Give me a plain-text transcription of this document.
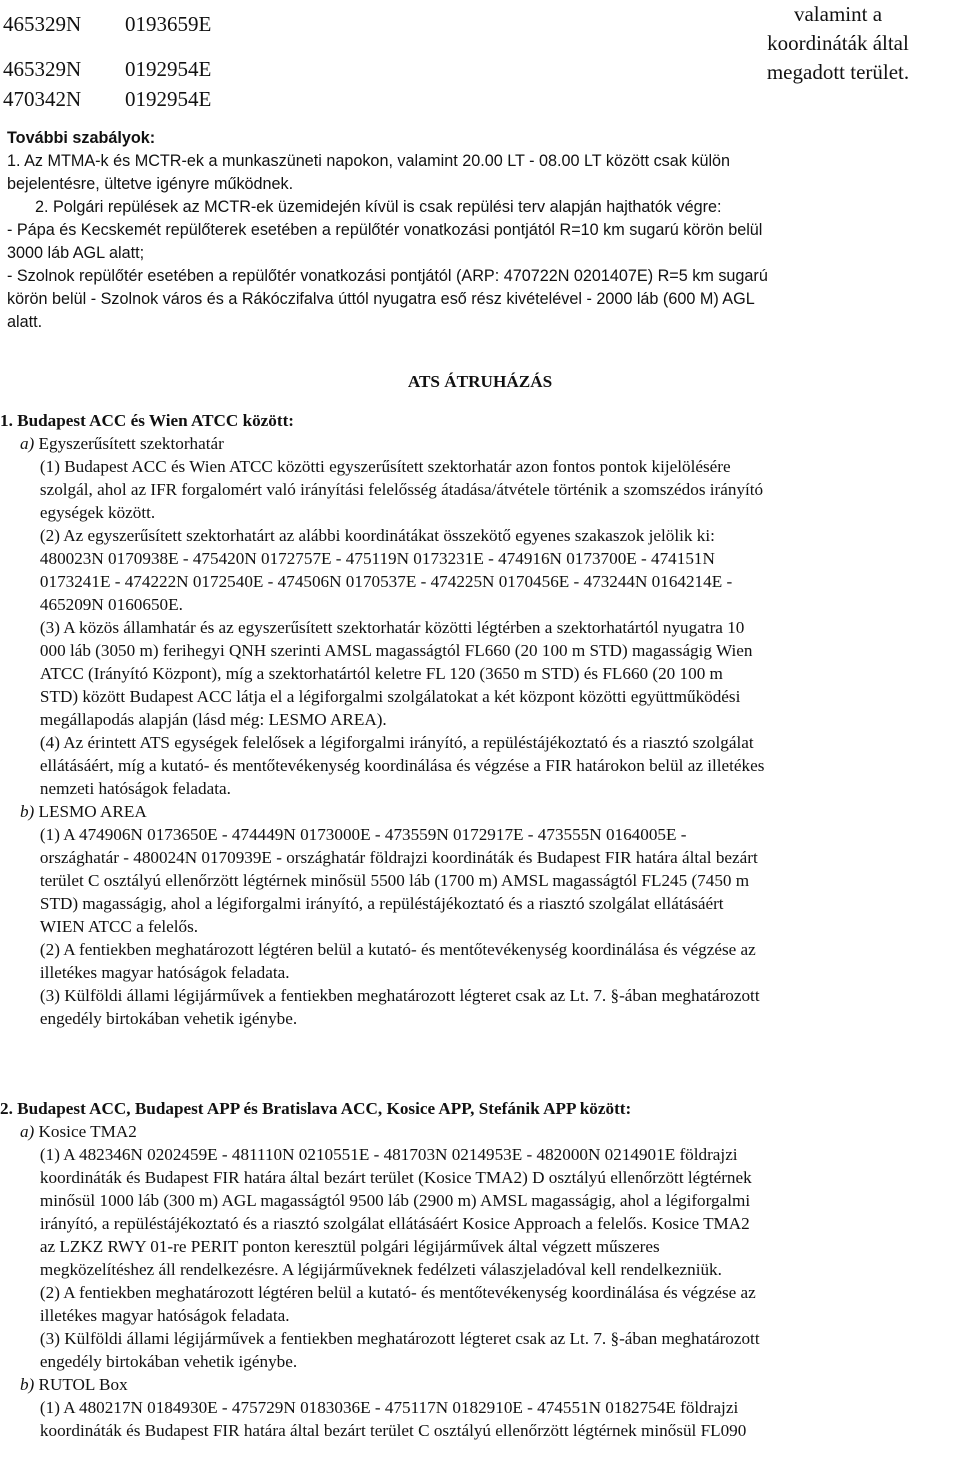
465329N 0193659E
465329N 0192954E
470342N 0192954E
valamint a
koordináták által
megadott terület.
További szabályok:
1. Az MTMA-k és MCTR-ek a munkaszüneti napokon, valamint 20.00 LT - 08.00 LT között csak külön
bejelentésre, ültetve igényre működnek.
2. Polgári repülések az MCTR-ek üzemidején kívül is csak repülési terv alapján hajthatók végre:
- Pápa és Kecskemét repülőterek esetében a repülőtér vonatkozási pontjától R=10 km sugarú körön belül
3000 láb AGL alatt;
- Szolnok repülőtér esetében a repülőtér vonatkozási pontjától (ARP: 470722N 0201407E) R=5 km sugarú
körön belül - Szolnok város és a Rákóczifalva úttól nyugatra eső rész kivételével - 2000 láb (600 M) AGL
alatt.
ATS ÁTRUHÁZÁS
1. Budapest ACC és Wien ATCC között:
a) Egyszerűsített szektorhatár
(1) Budapest ACC és Wien ATCC közötti egyszerűsített szektorhatár azon fontos pontok kijelölésére
szolgál, ahol az IFR forgalomért való irányítási felelősség átadása/átvétele történik a szomszédos irányító
egységek között.
(2) Az egyszerűsített szektorhatárt az alábbi koordinátákat összekötő egyenes szakaszok jelölik ki:
480023N 0170938E - 475420N 0172757E - 475119N 0173231E - 474916N 0173700E - 474151N
0173241E - 474222N 0172540E - 474506N 0170537E - 474225N 0170456E - 473244N 0164214E -
465209N 0160650E.
(3) A közös államhatár és az egyszerűsített szektorhatár közötti légtérben a szektorhatártól nyugatra 10
000 láb (3050 m) ferihegyi QNH szerinti AMSL magasságtól FL660 (20 100 m STD) magasságig Wien
ATCC (Irányító Központ), míg a szektorhatártól keletre FL 120 (3650 m STD) és FL660 (20 100 m
STD) között Budapest ACC látja el a légiforgalmi szolgálatokat a két központ közötti együttműködési
megállapodás alapján (lásd még: LESMO AREA).
(4) Az érintett ATS egységek felelősek a légiforgalmi irányító, a repüléstájékoztató és a riasztó szolgálat
ellátásáért, míg a kutató- és mentőtevékenység koordinálása és végzése a FIR határokon belül az illetékes
nemzeti hatóságok feladata.
b) LESMO AREA
(1) A 474906N 0173650E - 474449N 0173000E - 473559N 0172917E - 473555N 0164005E -
országhatár - 480024N 0170939E - országhatár földrajzi koordináták és Budapest FIR határa által bezárt
terület C osztályú ellenőrzött légtérnek minősül 5500 láb (1700 m) AMSL magasságtól FL245 (7450 m
STD) magasságig, ahol a légiforgalmi irányító, a repüléstájékoztató és a riasztó szolgálat ellátásáért
WIEN ATCC a felelős.
(2) A fentiekben meghatározott légtéren belül a kutató- és mentőtevékenység koordinálása és végzése az
illetékes magyar hatóságok feladata.
(3) Külföldi állami légijárművek a fentiekben meghatározott légteret csak az Lt. 7. §-ában meghatározott
engedély birtokában vehetik igénybe.
2. Budapest ACC, Budapest APP és Bratislava ACC, Kosice APP, Stefánik APP között:
a) Kosice TMA2
(1) A 482346N 0202459E - 481110N 0210551E - 481703N 0214953E - 482000N 0214901E földrajzi
koordináták és Budapest FIR határa által bezárt terület (Kosice TMA2) D osztályú ellenőrzött légtérnek
minősül 1000 láb (300 m) AGL magasságtól 9500 láb (2900 m) AMSL magasságig, ahol a légiforgalmi
irányító, a repüléstájékoztató és a riasztó szolgálat ellátásáért Kosice Approach a felelős. Kosice TMA2
az LZKZ RWY 01-re PERIT ponton keresztül polgári légijárművek által végzett műszeres
megközelítéshez áll rendelkezésre. A légijárműveknek fedélzeti válaszjeladóval kell rendelkezniük.
(2) A fentiekben meghatározott légtéren belül a kutató- és mentőtevékenység koordinálása és végzése az
illetékes magyar hatóságok feladata.
(3) Külföldi állami légijárművek a fentiekben meghatározott légteret csak az Lt. 7. §-ában meghatározott
engedély birtokában vehetik igénybe.
b) RUTOL Box
(1) A 480217N 0184930E - 475729N 0183036E - 475117N 0182910E - 474551N 0182754E földrajzi
koordináták és Budapest FIR határa által bezárt terület C osztályú ellenőrzött légtérnek minősül FL090
